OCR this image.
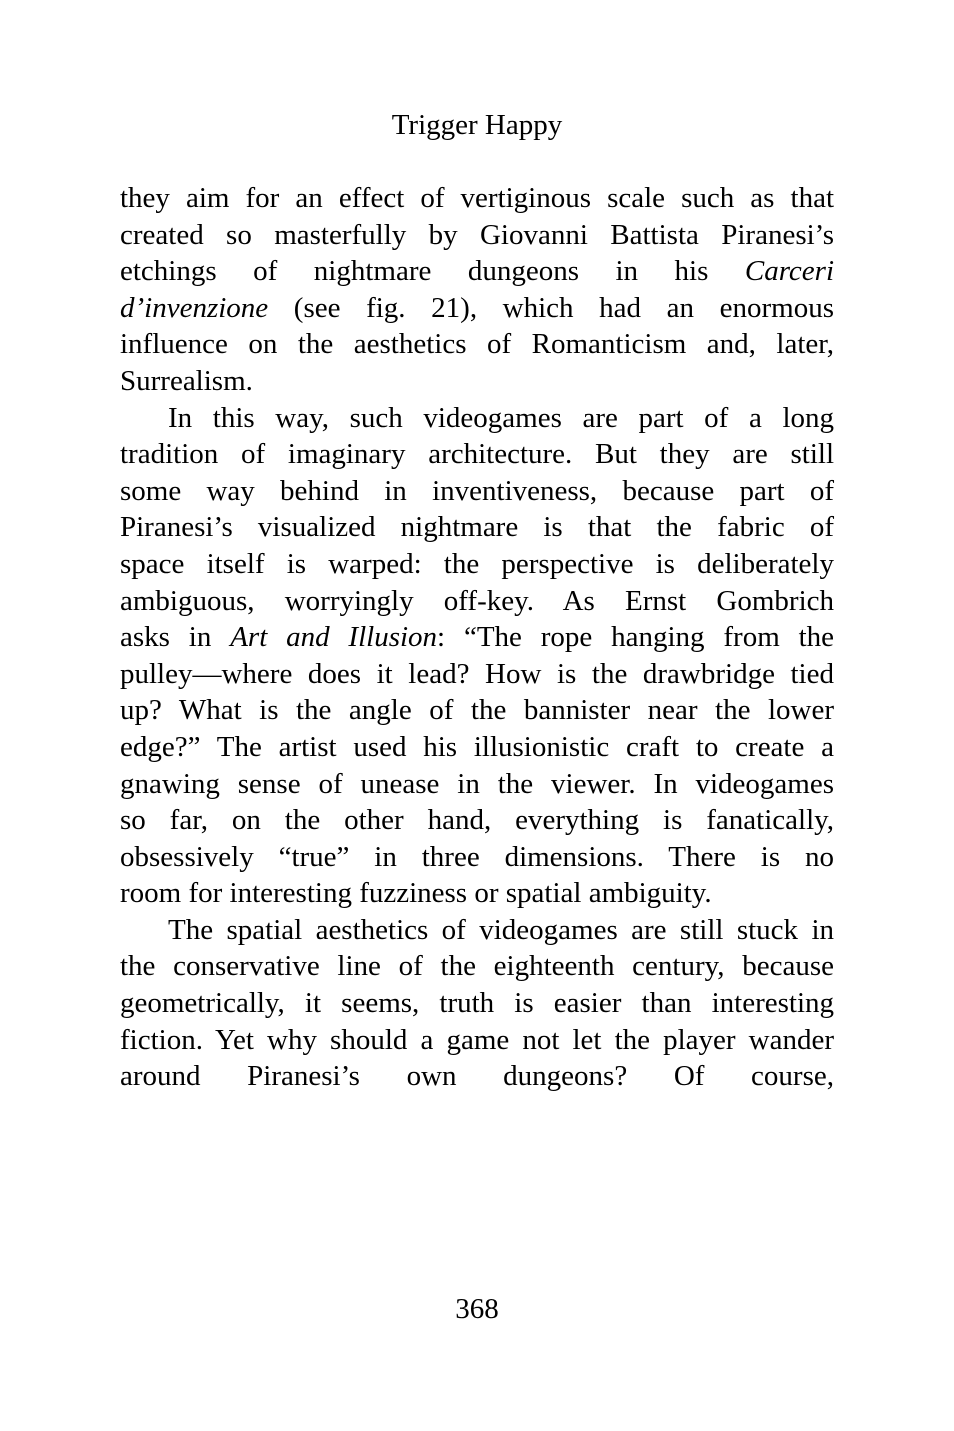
Trigger Happy
they aim for an effect of vertiginous scale such as that
created so masterfully by Giovanni Battista Piranesi’s
etchings of nightmare dungeons in his Carceri
d’invenzione (see fig. 21), which had an enormous
influence on the aesthetics of Romanticism and, later,
Surrealism.
In this way, such videogames are part of a long
tradition of imaginary architecture. But they are still
some way behind in inventiveness, because part of
Piranesi’s visualized nightmare is that the fabric of
space itself is warped: the perspective is deliberately
ambiguous, worryingly off-key. As Ernst Gombrich
asks in Art and Illusion: “The rope hanging from the
pulley—where does it lead? How is the drawbridge tied
up? What is the angle of the bannister near the lower
edge?” The artist used his illusionistic craft to create a
gnawing sense of unease in the viewer. In videogames
so far, on the other hand, everything is fanatically,
obsessively “true” in three dimensions. There is no
room for interesting fuzziness or spatial ambiguity.
The spatial aesthetics of videogames are still stuck in
the conservative line of the eighteenth century, because
geometrically, it seems, truth is easier than interesting
fiction. Yet why should a game not let the player wander
around Piranesi’s own dungeons? Of course,
368
